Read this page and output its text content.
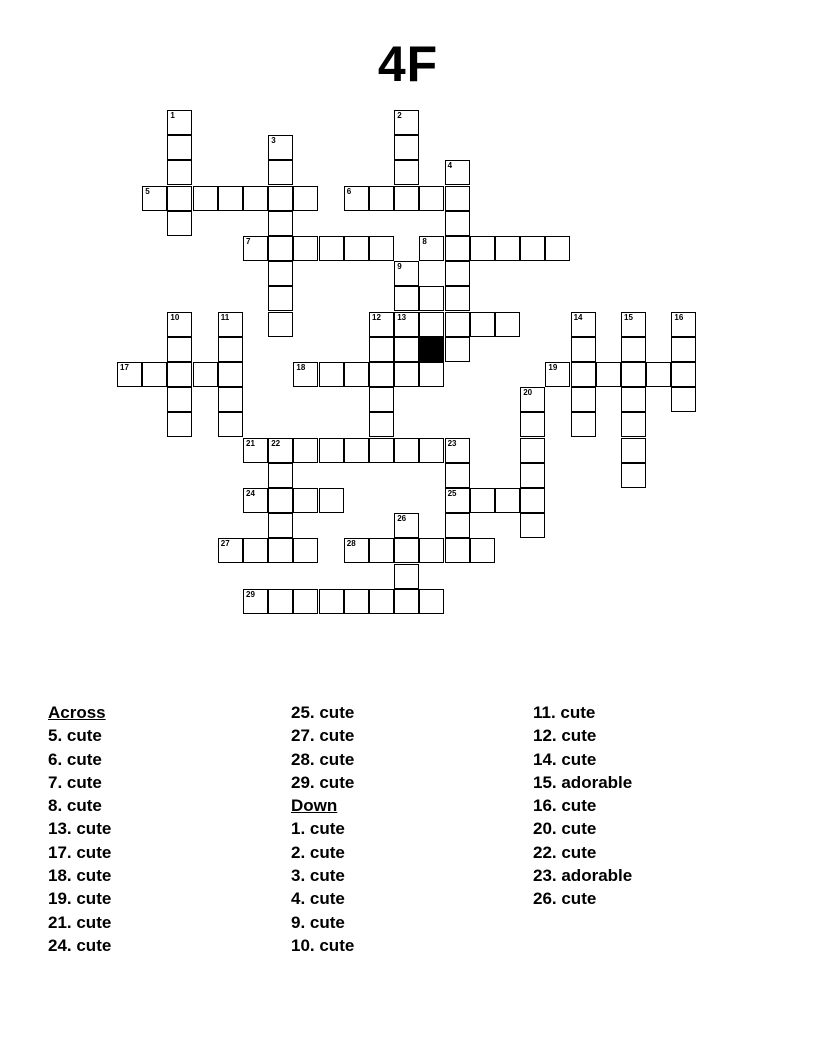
4F
1	2
3
4
5	6
7	8
9
10	11	12 13	14	15	16
17	18	19
20
21 22	23
24	25
26
27	28
29
Across
5. cute
6. cute
7. cute
8. cute
13. cute
17. cute
18. cute
19. cute
21. cute
24. cute
25. cute
27. cute
28. cute
29. cute
Down
1. cute
2. cute
3. cute
4. cute
9. cute
10. cute
11. cute
12. cute
14. cute
15. adorable
16. cute
20. cute
22. cute
23. adorable
26. cute
